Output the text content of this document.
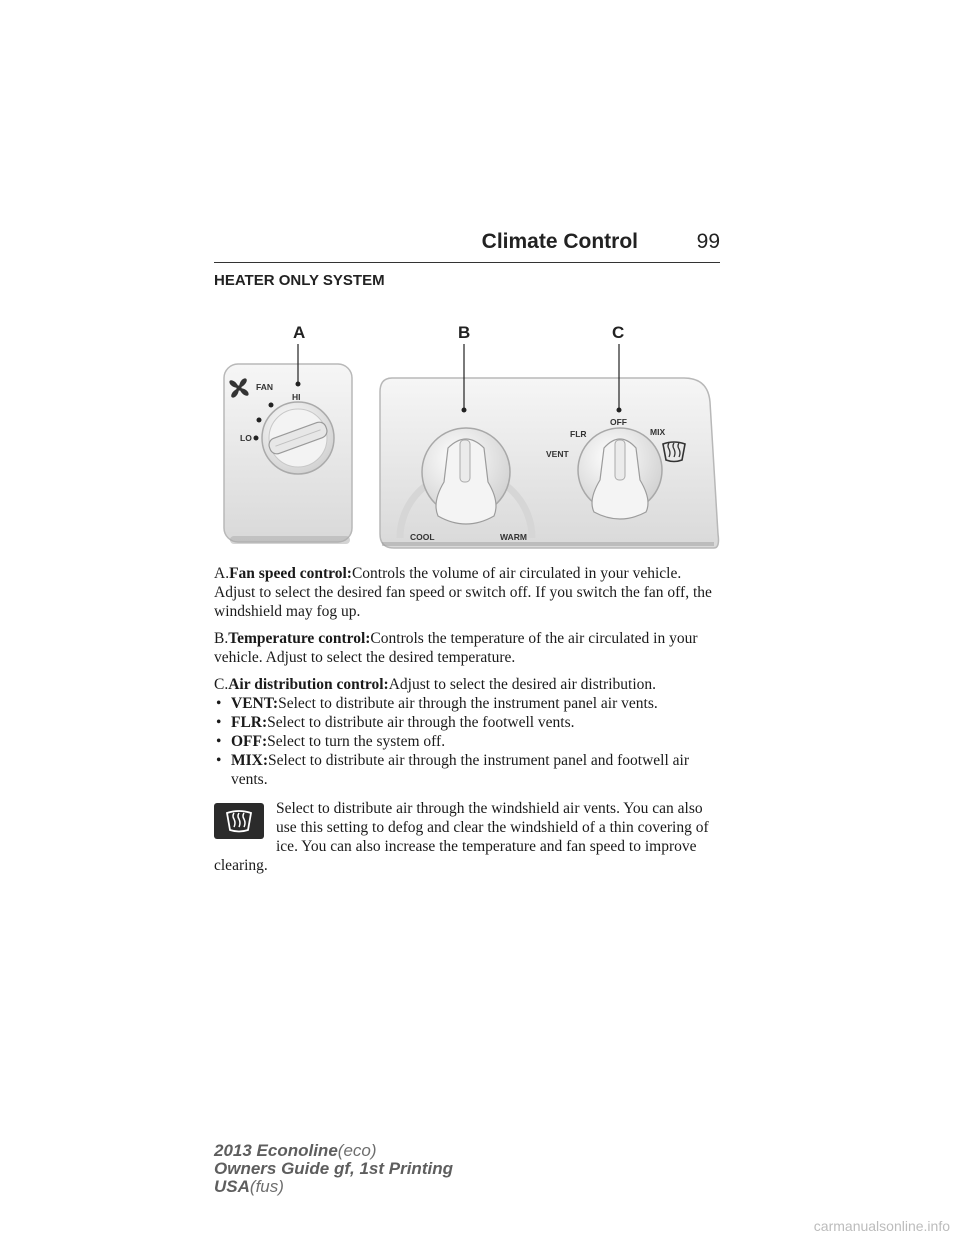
Climate Control	99
HEATER ONLY SYSTEM
FAN
HI
LO
COOL	WARM
OFF
FLR
VENT
MIX
A	B	C

A.Fan speed control:Controls the volume of air circulated in your vehicle. Adjust to select the desired fan speed or switch off. If you switch the fan off, the windshield may fog up.

B.Temperature control:Controls the temperature of the air circulated in your vehicle. Adjust to select the desired temperature.

C.Air distribution control:Adjust to select the desired air distribution.

• VENT:Select to distribute air through the instrument panel air vents.
• FLR:Select to distribute air through the footwell vents.
• OFF:Select to turn the system off.
• MIX:Select to distribute air through the instrument panel and footwell air vents.
Select to distribute air through the windshield air vents. You can also use this setting to defog and clear the windshield of a thin covering of ice. You can also increase the temperature and fan speed to improve clearing.
2013 Econoline(eco)
Owners Guide gf, 1st Printing
USA(fus)
carmanualsonline.info
